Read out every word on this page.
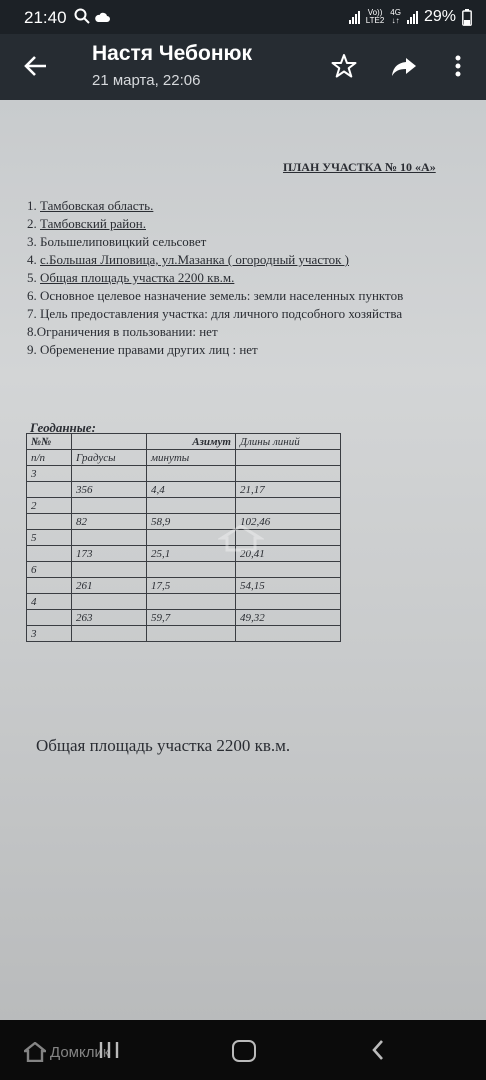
21:40
	Vo))
LTE2
4G
↓↑ 29%
Настя Чебонюк
21 марта, 22:06
ПЛАН УЧАСТКА № 10 «А»
1. Тамбовская область.
2. Тамбовский район.
3. Большелиповицкий сельсовет
4. с.Большая Липовица, ул.Мазанка ( огородный участок )
5. Общая площадь участка 2200 кв.м.
6. Основное целевое назначение земель: земли населенных пунктов
7. Цель предоставления участка: для личного подсобного хозяйства
8.Ограничения в пользовании: нет
9. Обременение правами других лиц : нет
Геоданные:
№№		Азимут	Длины линий
п/п	Градусы	минуты	
3			
	356	4,4	21,17
2			
	82	58,9	102,46
5			
	173	25,1	20,41
6			
	261	17,5	54,15
4			
	263	59,7	49,32
3			
Общая площадь участка 2200 кв.м.
Домклик
